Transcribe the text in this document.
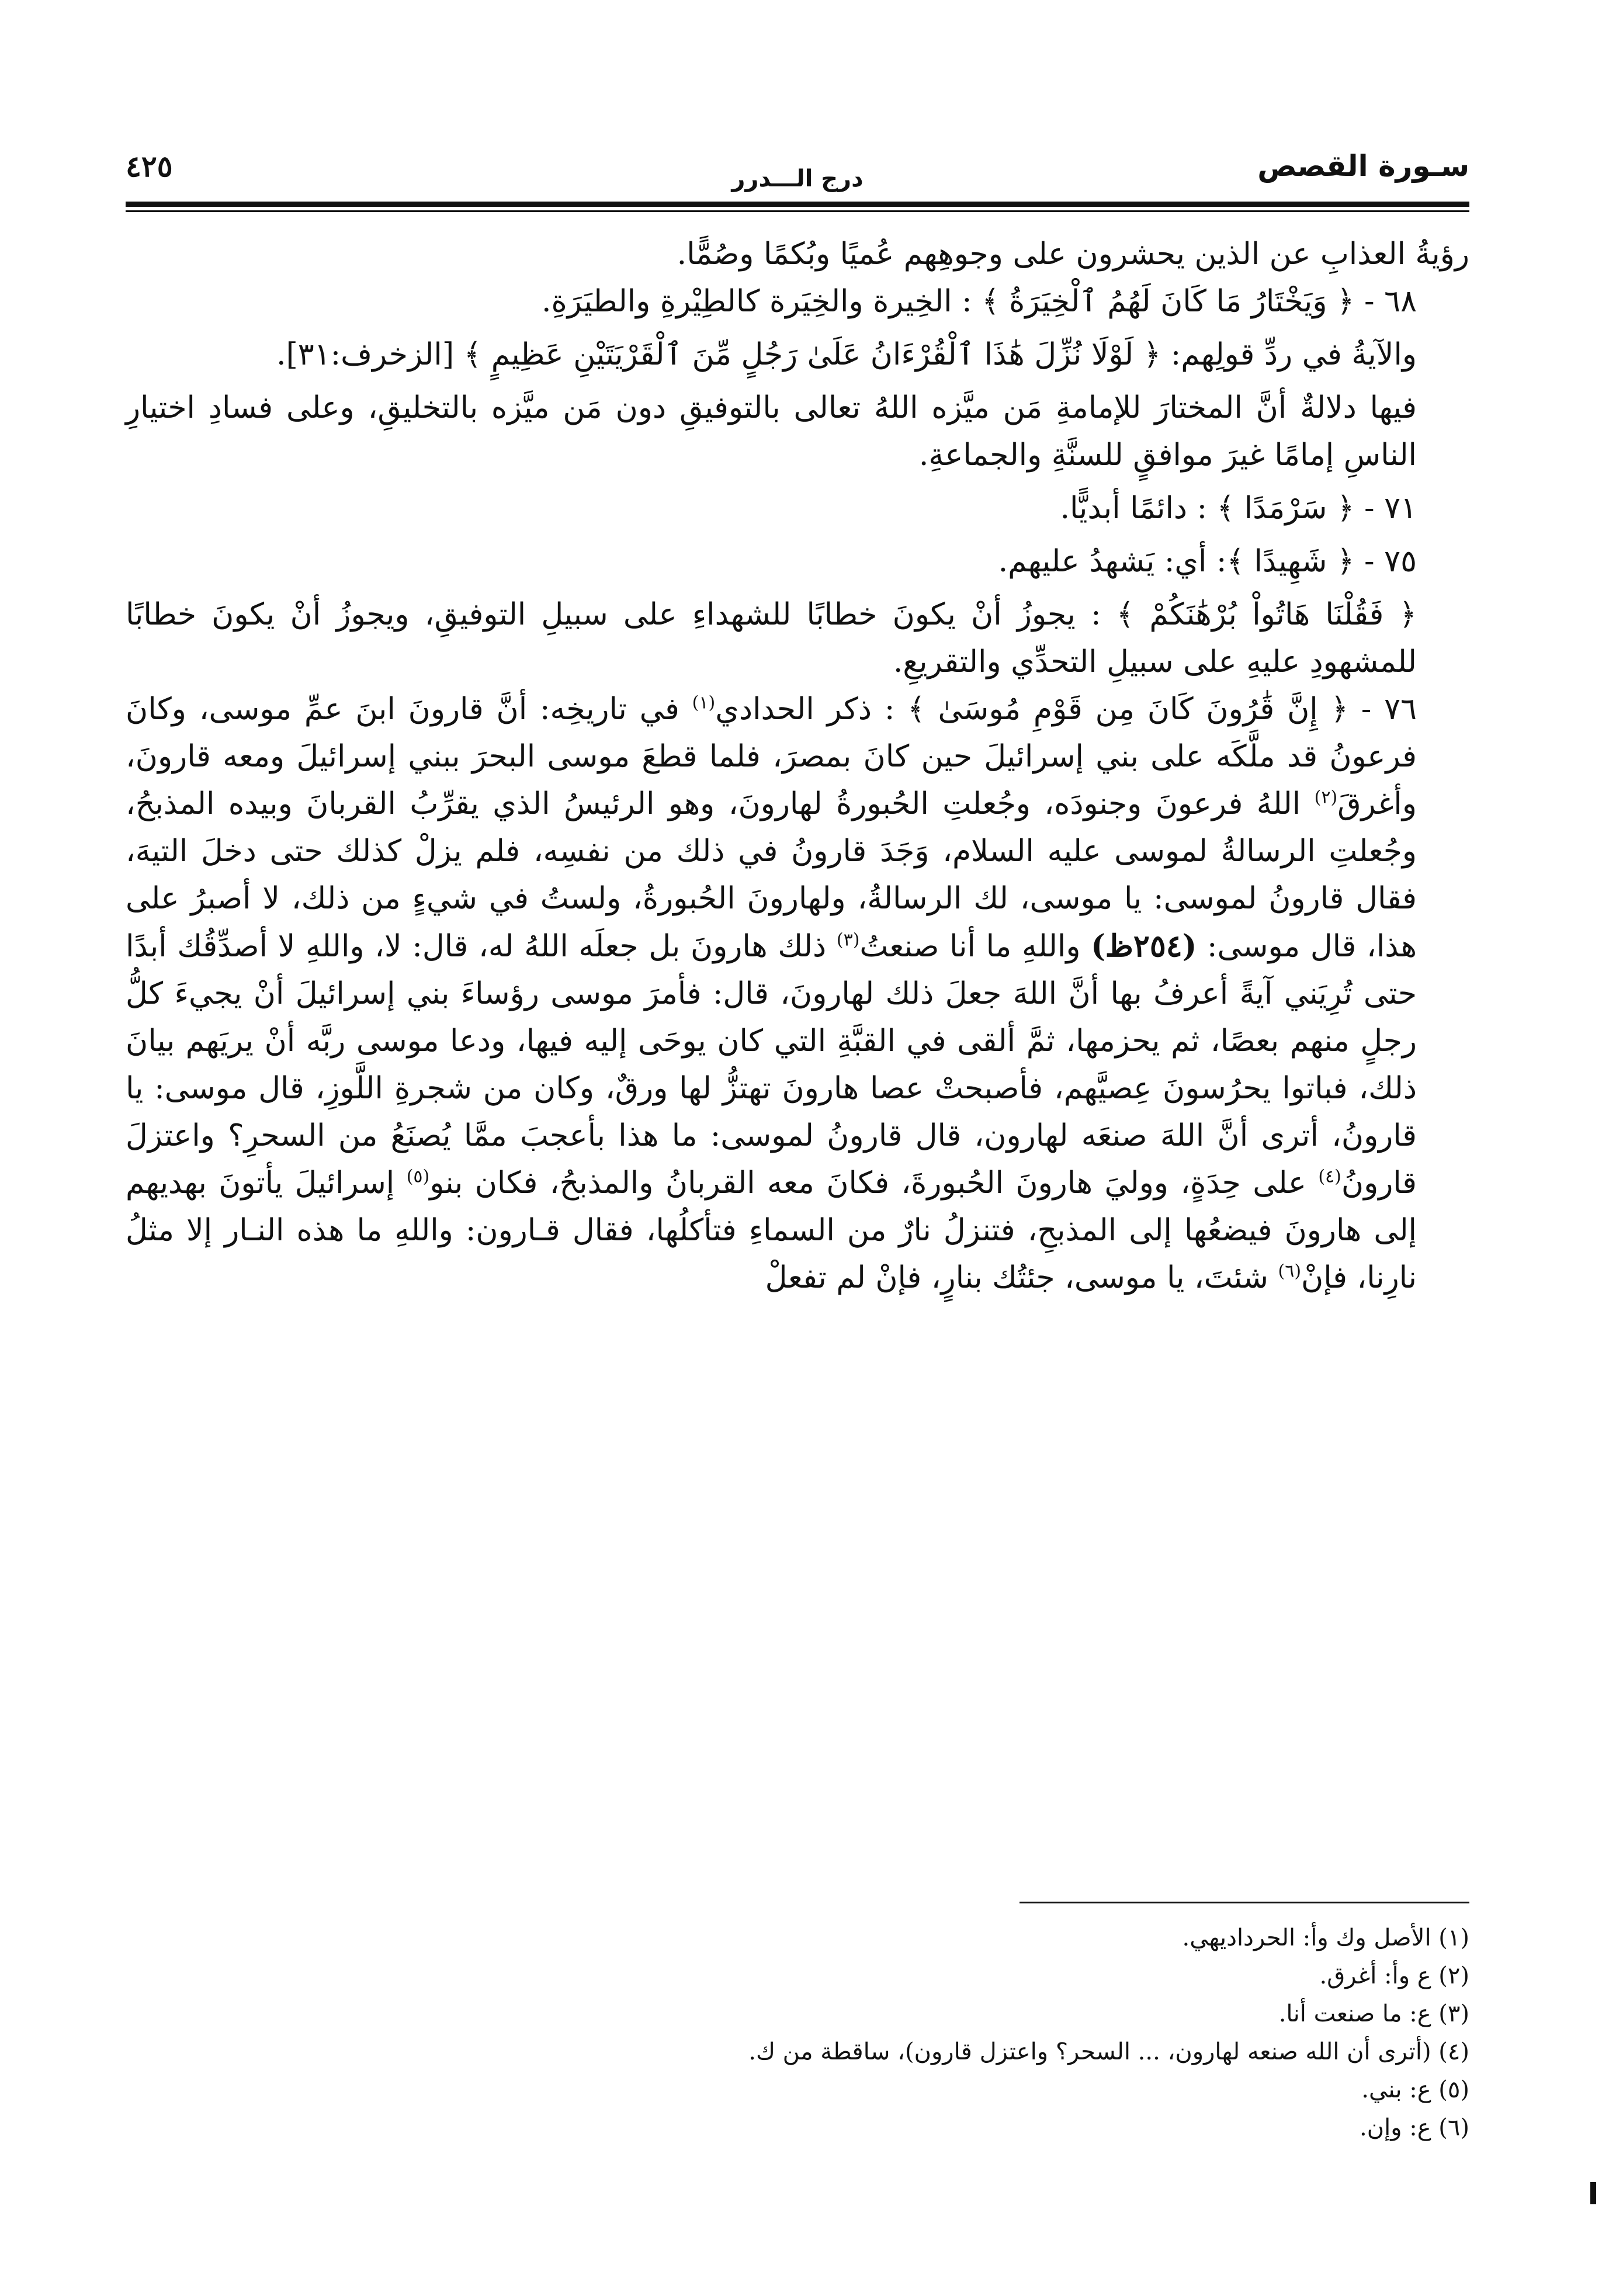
سـورة القصص
درج الـــدرر
٤٢٥

رؤيةُ العذابِ عن الذين يحشرون على وجوهِهم عُميًا وبُكمًا وصُمًّا.

٦٨ - ﴿ وَيَخْتَارُ مَا كَانَ لَهُمُ ٱلْخِيَرَةُ ﴾ : الخِيرة والخِيَرة كالطِيْرةِ والطيَرَةِ.

والآيةُ في ردِّ قولِهم: ﴿ لَوْلَا نُزِّلَ هَٰذَا ٱلْقُرْءَانُ عَلَىٰ رَجُلٍ مِّنَ ٱلْقَرْيَتَيْنِ عَظِيمٍ ﴾ [الزخرف:٣١].

فيها دلالةٌ أنَّ المختارَ للإمامةِ مَن ميَّزه اللهُ تعالى بالتوفيقِ دون مَن ميَّزه بالتخليقِ، وعلى فسادِ اختيارِ الناسِ إمامًا غيرَ موافقٍ للسنَّةِ والجماعةِ.

٧١ - ﴿ سَرْمَدًا ﴾ : دائمًا أبديًّا.

٧٥ - ﴿ شَهِيدًا ﴾: أي: يَشهدُ عليهم.

﴿ فَقُلْنَا هَاتُواْ بُرْهَٰنَكُمْ ﴾ : يجوزُ أنْ يكونَ خطابًا للشهداءِ على سبيلِ التوفيقِ، ويجوزُ أنْ يكونَ خطابًا للمشهودِ عليهِ على سبيلِ التحدِّي والتقريعِ.

٧٦ - ﴿ إِنَّ قَٰرُونَ كَانَ مِن قَوْمِ مُوسَىٰ ﴾ : ذكر الحدادي$^{(١)}$ في تاريخِه: أنَّ قارونَ ابنَ عمِّ موسى، وكانَ فرعونُ قد ملَّكَه على بني إسرائيلَ حين كانَ بمصرَ، فلما قطعَ موسى البحرَ ببني إسرائيلَ ومعه قارونَ، وأغرقَ$^{(٢)}$ اللهُ فرعونَ وجنودَه، وجُعلتِ الحُبورةُ لهارونَ، وهو الرئيسُ الذي يقرِّبُ القربانَ وبيده المذبحُ، وجُعلتِ الرسالةُ لموسى عليه السلام، وَجَدَ قارونُ في ذلك من نفسِه، فلم يزلْ كذلك حتى دخلَ التيهَ، فقال قارونُ لموسى: يا موسى، لك الرسالةُ، ولهارونَ الحُبورةُ، ولستُ في شيءٍ من ذلك، لا أصبرُ على هذا، قال موسى: (٢٥٤ظ) واللهِ ما أنا صنعتُ$^{(٣)}$ ذلك هارونَ بل جعلَه اللهُ له، قال: لا، واللهِ لا أصدِّقُك أبدًا حتى تُرِيَني آيةً أعرفُ بها أنَّ اللهَ جعلَ ذلك لهارونَ، قال: فأمرَ موسى رؤساءَ بني إسرائيلَ أنْ يجيءَ كلُّ رجلٍ منهم بعصًا، ثم يحزمها، ثمَّ ألقى في القبَّةِ التي كان يوحَى إليه فيها، ودعا موسى ربَّه أنْ يريَهم بيانَ ذلك، فباتوا يحرُسونَ عِصيَّهم، فأصبحتْ عصا هارونَ تهتزُّ لها ورقٌ، وكان من شجرةِ اللَّوزِ، قال موسى: يا قارونُ، أترى أنَّ اللهَ صنعَه لهارون، قال قارونُ لموسى: ما هذا بأعجبَ ممَّا يُصنَعُ من السحرِ؟ واعتزلَ قارونُ$^{(٤)}$ على حِدَةٍ، ووليَ هارونَ الحُبورةَ، فكانَ معه القربانُ والمذبحُ، فكان بنو$^{(٥)}$ إسرائيلَ يأتونَ بهديهم إلى هارونَ فيضعُها إلى المذبحِ، فتنزلُ نارٌ من السماءِ فتأكلُها، فقال قـارون: واللهِ ما هذه النـار إلا مثلُ نارِنا، فإنْ$^{(٦)}$ شئتَ، يا موسى، جئتُك بنارٍ، فإنْ لم تفعلْ

(١) الأصل وك وأ: الحرداديهي.
(٢) ع وأ: أغرق.
(٣) ع: ما صنعت أنا.
(٤) (أترى أن الله صنعه لهارون، ... السحر؟ واعتزل قارون)، ساقطة من ك.
(٥) ع: بني.
(٦) ع: وإن.
